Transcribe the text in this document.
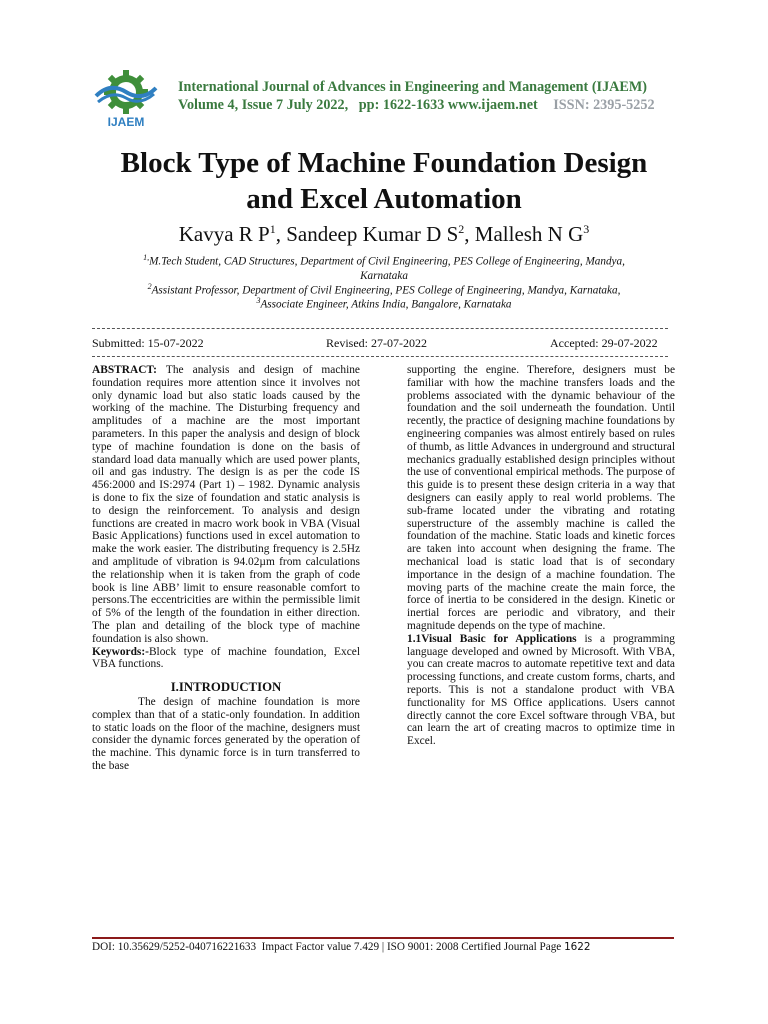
IJAEM
International Journal of Advances in Engineering and Management (IJAEM)
Volume 4, Issue 7 July 2022, pp: 1622-1633 www.ijaem.net ISSN: 2395-5252
Block Type of Machine Foundation Design
and Excel Automation
Kavya R $P^1$, Sandeep Kumar D $S^2$, Mallesh N $G^3$
$^{1,}$M.Tech Student, CAD Structures, Department of Civil Engineering, PES College of Engineering, Mandya,
Karnataka
$^2$Assistant Professor, Department of Civil Engineering, PES College of Engineering, Mandya, Karnataka,
$^3$Associate Engineer, Atkins India, Bangalore, Karnataka
Submitted: 15-07-2022	Revised: 27-07-2022	Accepted: 29-07-2022

ABSTRACT: The analysis and design of machine foundation requires more attention since it involves not only dynamic load but also static loads caused by the working of the machine. The Disturbing frequency and amplitudes of a machine are the most important parameters. In this paper the analysis and design of block type of machine foundation is done on the basis of standard load data manually which are used power plants, oil and gas industry. The design is as per the code IS 456:2000 and IS:2974 (Part 1) – 1982. Dynamic analysis is done to fix the size of foundation and static analysis is to design the reinforcement. To analysis and design functions are created in macro work book in VBA (Visual Basic Applications) functions used in excel automation to make the work easier. The distributing frequency is 2.5Hz and amplitude of vibration is 94.02µm from calculations the relationship when it is taken from the graph of code book is line ABB’ limit to ensure reasonable comfort to persons.The eccentricities are within the permissible limit of 5% of the length of the foundation in either direction. The plan and detailing of the block type of machine foundation is also shown.

Keywords:-Block type of machine foundation, Excel VBA functions.

I.INTRODUCTION

The design of machine foundation is more complex than that of a static-only foundation. In addition to static loads on the floor of the machine, designers must consider the dynamic forces generated by the operation of the machine. This dynamic force is in turn transferred to the base

supporting the engine. Therefore, designers must be familiar with how the machine transfers loads and the problems associated with the dynamic behaviour of the foundation and the soil underneath the foundation. Until recently, the practice of designing machine foundations by engineering companies was almost entirely based on rules of thumb, as little Advances in underground and structural mechanics gradually established design principles without the use of conventional empirical methods. The purpose of this guide is to present these design criteria in a way that designers can easily apply to real world problems. The sub-frame located under the vibrating and rotating superstructure of the assembly machine is called the foundation of the machine. Static loads and kinetic forces are taken into account when designing the frame. The mechanical load is static load that is of secondary importance in the design of a machine foundation. The moving parts of the machine create the main force, the force of inertia to be considered in the design. Kinetic or inertial forces are periodic and vibratory, and their magnitude depends on the type of machine.

1.1Visual Basic for Applications is a programming language developed and owned by Microsoft. With VBA, you can create macros to automate repetitive text and data processing functions, and create custom forms, charts, and reports. This is not a standalone product with VBA functionality for MS Office applications. Users cannot directly cannot the core Excel software through VBA, but can learn the art of creating macros to optimize time in Excel.

DOI: 10.35629/5252-040716221633 Impact Factor value 7.429 | ISO 9001: 2008 Certified Journal Page 1622
